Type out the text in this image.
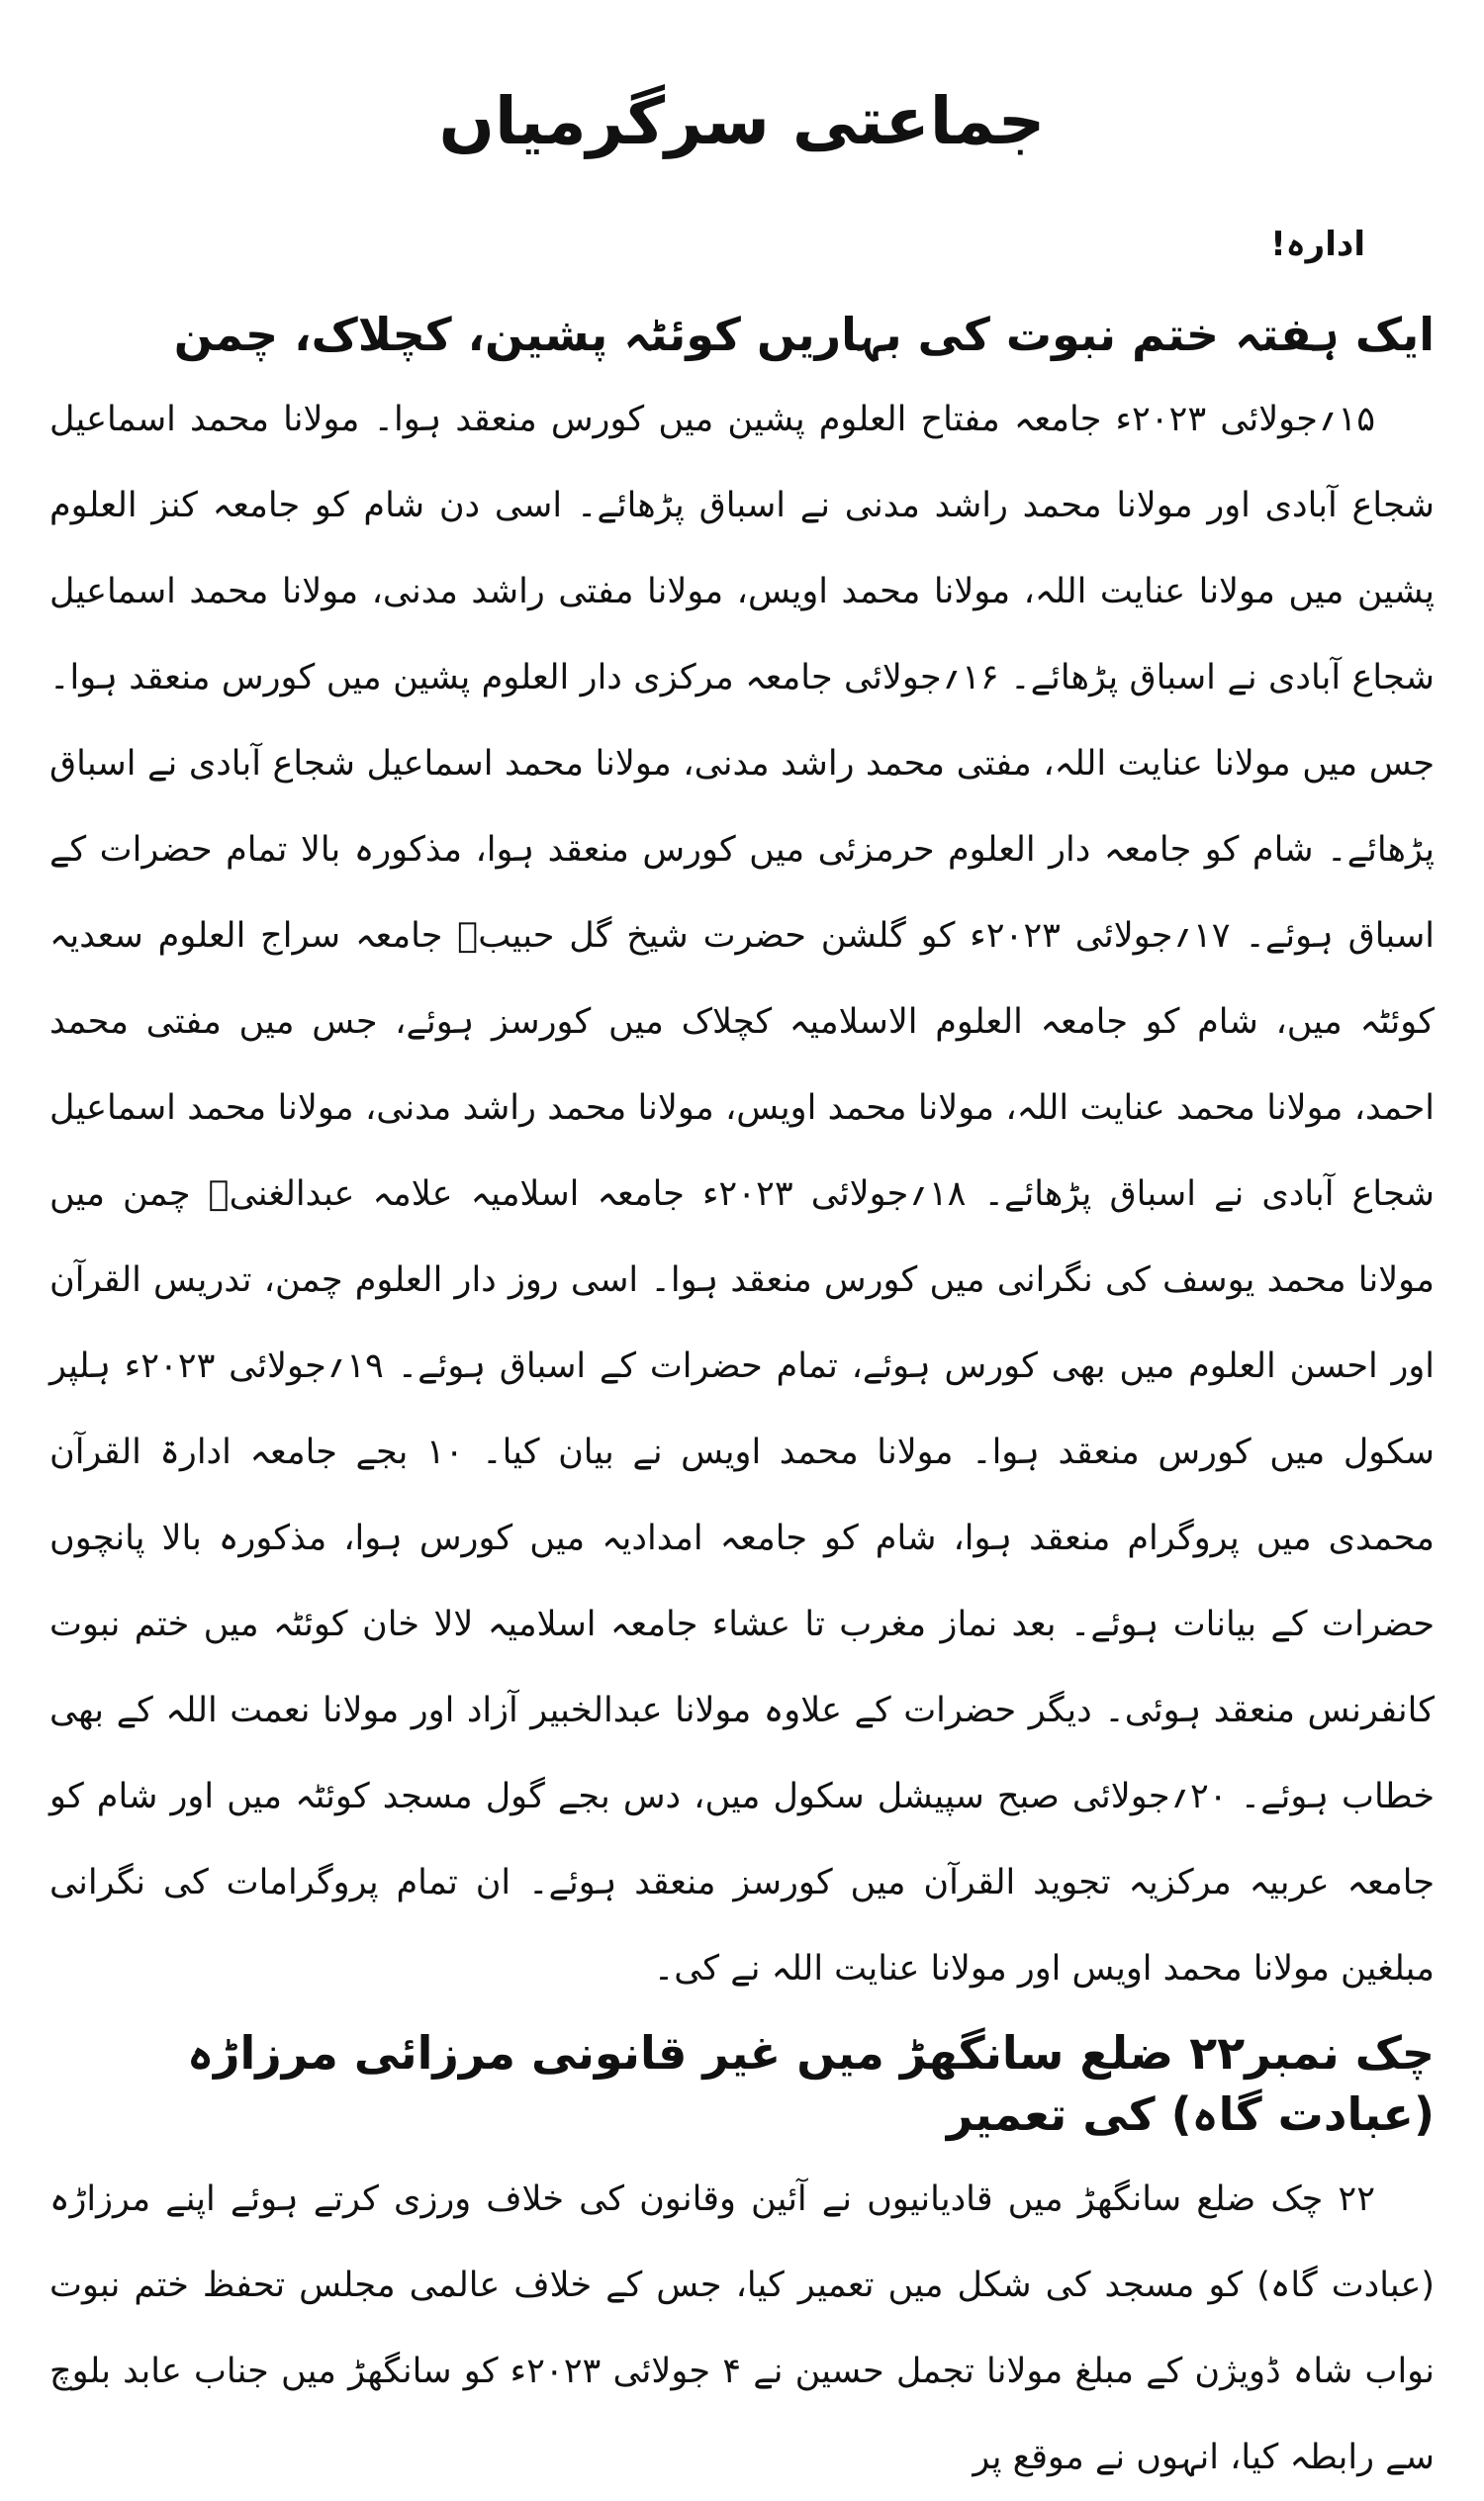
جماعتی سرگرمیاں
ادارہ!
ایک ہفتہ ختم نبوت کی بہاریں کوئٹہ پشین، کچلاک، چمن

۱۵؍جولائی ۲۰۲۳ء جامعہ مفتاح العلوم پشین میں کورس منعقد ہوا۔ مولانا محمد اسماعیل شجاع آبادی اور مولانا محمد راشد مدنی نے اسباق پڑھائے۔ اسی دن شام کو جامعہ کنز العلوم پشین میں مولانا عنایت اللہ، مولانا محمد اویس، مولانا مفتی راشد مدنی، مولانا محمد اسماعیل شجاع آبادی نے اسباق پڑھائے۔ ۱۶؍جولائی جامعہ مرکزی دار العلوم پشین میں کورس منعقد ہوا۔ جس میں مولانا عنایت اللہ، مفتی محمد راشد مدنی، مولانا محمد اسماعیل شجاع آبادی نے اسباق پڑھائے۔ شام کو جامعہ دار العلوم حرمزئی میں کورس منعقد ہوا، مذکورہ بالا تمام حضرات کے اسباق ہوئے۔ ۱۷؍جولائی ۲۰۲۳ء کو گلشن حضرت شیخ گل حبیبؒ جامعہ سراج العلوم سعدیہ کوئٹہ میں، شام کو جامعہ العلوم الاسلامیہ کچلاک میں کورسز ہوئے، جس میں مفتی محمد احمد، مولانا محمد عنایت اللہ، مولانا محمد اویس، مولانا محمد راشد مدنی، مولانا محمد اسماعیل شجاع آبادی نے اسباق پڑھائے۔ ۱۸؍جولائی ۲۰۲۳ء جامعہ اسلامیہ علامہ عبدالغنیؒ چمن میں مولانا محمد یوسف کی نگرانی میں کورس منعقد ہوا۔ اسی روز دار العلوم چمن، تدریس القرآن اور احسن العلوم میں بھی کورس ہوئے، تمام حضرات کے اسباق ہوئے۔ ۱۹؍جولائی ۲۰۲۳ء ہلپر سکول میں کورس منعقد ہوا۔ مولانا محمد اویس نے بیان کیا۔ ۱۰ بجے جامعہ ادارۃ القرآن محمدی میں پروگرام منعقد ہوا، شام کو جامعہ امدادیہ میں کورس ہوا، مذکورہ بالا پانچوں حضرات کے بیانات ہوئے۔ بعد نماز مغرب تا عشاء جامعہ اسلامیہ لالا خان کوئٹہ میں ختم نبوت کانفرنس منعقد ہوئی۔ دیگر حضرات کے علاوہ مولانا عبدالخبیر آزاد اور مولانا نعمت اللہ کے بھی خطاب ہوئے۔ ۲۰؍جولائی صبح سپیشل سکول میں، دس بجے گول مسجد کوئٹہ میں اور شام کو جامعہ عربیہ مرکزیہ تجوید القرآن میں کورسز منعقد ہوئے۔ ان تمام پروگرامات کی نگرانی مبلغین مولانا محمد اویس اور مولانا عنایت اللہ نے کی۔

چک نمبر۲۲ ضلع سانگھڑ میں غیر قانونی مرزائی مرزاڑہ (عبادت گاہ) کی تعمیر

۲۲ چک ضلع سانگھڑ میں قادیانیوں نے آئین وقانون کی خلاف ورزی کرتے ہوئے اپنے مرزاڑہ (عبادت گاہ) کو مسجد کی شکل میں تعمیر کیا، جس کے خلاف عالمی مجلس تحفظ ختم نبوت نواب شاہ ڈویژن کے مبلغ مولانا تجمل حسین نے ۴ جولائی ۲۰۲۳ء کو سانگھڑ میں جناب عابد بلوچ سے رابطہ کیا، انہوں نے موقع پر
